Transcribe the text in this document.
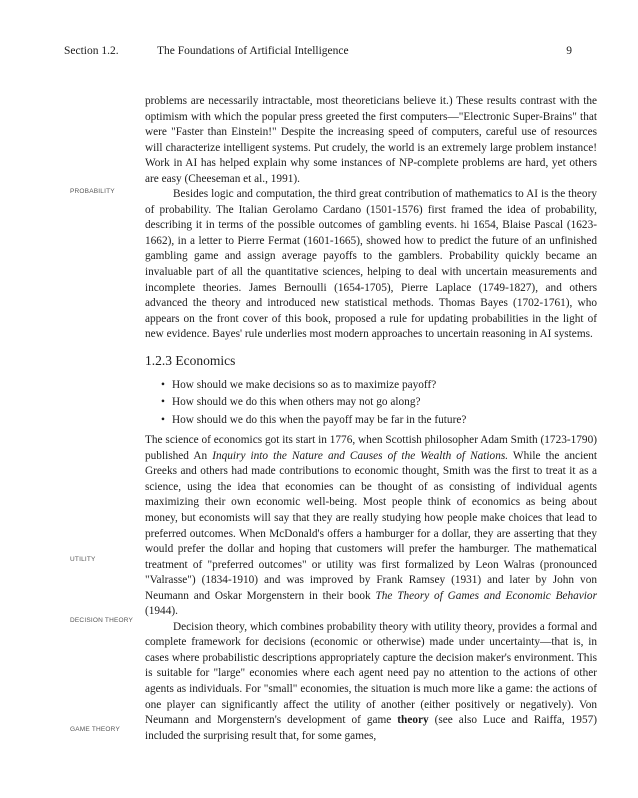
Section 1.2.	The Foundations of Artificial Intelligence	9
PROBABILITY
UTILITY
DECISION THEORY
GAME THEORY

problems are necessarily intractable, most theoreticians believe it.) These results contrast with the optimism with which the popular press greeted the first computers—"Electronic Super-Brains" that were "Faster than Einstein!" Despite the increasing speed of computers, careful use of resources will characterize intelligent systems. Put crudely, the world is an extremely large problem instance! Work in AI has helped explain why some instances of NP-complete problems are hard, yet others are easy (Cheeseman et al., 1991).

Besides logic and computation, the third great contribution of mathematics to AI is the theory of probability. The Italian Gerolamo Cardano (1501-1576) first framed the idea of probability, describing it in terms of the possible outcomes of gambling events. hi 1654, Blaise Pascal (1623-1662), in a letter to Pierre Fermat (1601-1665), showed how to predict the future of an unfinished gambling game and assign average payoffs to the gamblers. Probability quickly became an invaluable part of all the quantitative sciences, helping to deal with uncertain measurements and incomplete theories. James Bernoulli (1654-1705), Pierre Laplace (1749-1827), and others advanced the theory and introduced new statistical methods. Thomas Bayes (1702-1761), who appears on the front cover of this book, proposed a rule for updating probabilities in the light of new evidence. Bayes' rule underlies most modern approaches to uncertain reasoning in AI systems.

1.2.3 Economics
• How should we make decisions so as to maximize payoff?
• How should we do this when others may not go along?
• How should we do this when the payoff may be far in the future?

The science of economics got its start in 1776, when Scottish philosopher Adam Smith (1723-1790) published An Inquiry into the Nature and Causes of the Wealth of Nations. While the ancient Greeks and others had made contributions to economic thought, Smith was the first to treat it as a science, using the idea that economies can be thought of as consisting of individual agents maximizing their own economic well-being. Most people think of economics as being about money, but economists will say that they are really studying how people make choices that lead to preferred outcomes. When McDonald's offers a hamburger for a dollar, they are asserting that they would prefer the dollar and hoping that customers will prefer the hamburger. The mathematical treatment of "preferred outcomes" or utility was first formalized by Leon Walras (pronounced "Valrasse") (1834-1910) and was improved by Frank Ramsey (1931) and later by John von Neumann and Oskar Morgenstern in their book The Theory of Games and Economic Behavior (1944).

Decision theory, which combines probability theory with utility theory, provides a formal and complete framework for decisions (economic or otherwise) made under uncertainty—that is, in cases where probabilistic descriptions appropriately capture the decision maker's environment. This is suitable for "large" economies where each agent need pay no attention to the actions of other agents as individuals. For "small" economies, the situation is much more like a game: the actions of one player can significantly affect the utility of another (either positively or negatively). Von Neumann and Morgenstern's development of game theory (see also Luce and Raiffa, 1957) included the surprising result that, for some games,
